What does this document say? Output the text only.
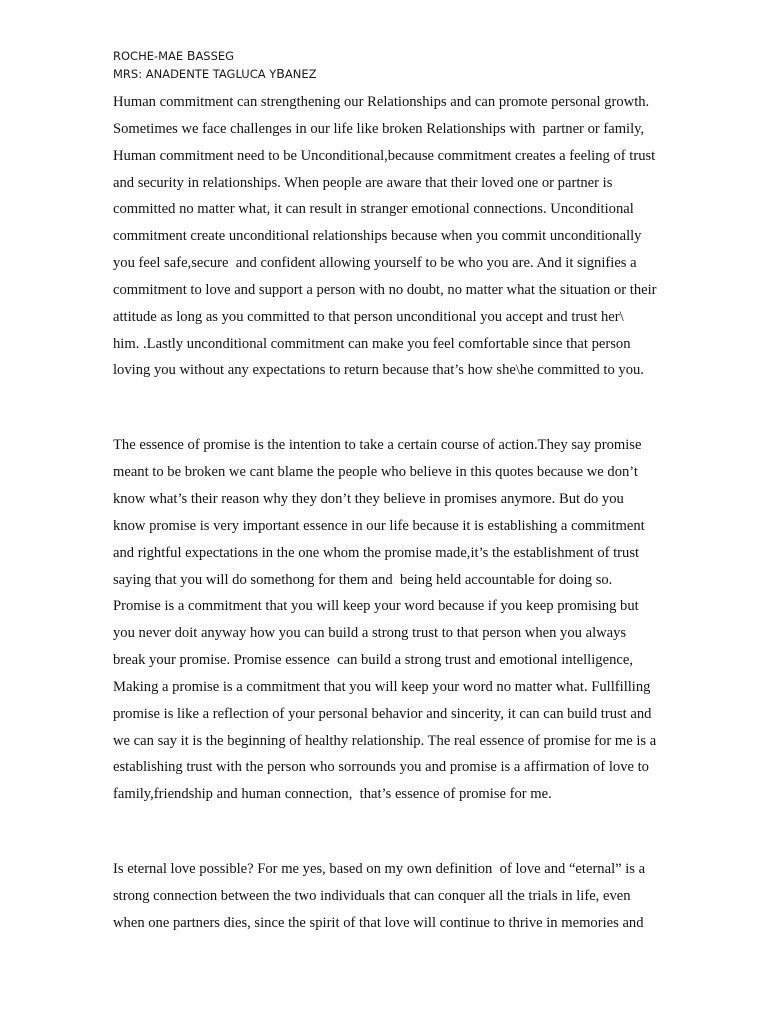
ROCHE-MAE BASSEG
MRS: ANADENTE TAGLUCA YBANEZ
Human commitment can strengthening our Relationships and can promote personal growth.
Sometimes we face challenges in our life like broken Relationships with  partner or family,
Human commitment need to be Unconditional,because commitment creates a feeling of trust
and security in relationships. When people are aware that their loved one or partner is
committed no matter what, it can result in stranger emotional connections. Unconditional
commitment create unconditional relationships because when you commit unconditionally
you feel safe,secure  and confident allowing yourself to be who you are. And it signifies a
commitment to love and support a person with no doubt, no matter what the situation or their
attitude as long as you committed to that person unconditional you accept and trust her\
him. .Lastly unconditional commitment can make you feel comfortable since that person
loving you without any expectations to return because that’s how she\he committed to you.
The essence of promise is the intention to take a certain course of action.They say promise
meant to be broken we cant blame the people who believe in this quotes because we don’t
know what’s their reason why they don’t they believe in promises anymore. But do you
know promise is very important essence in our life because it is establishing a commitment
and rightful expectations in the one whom the promise made,it’s the establishment of trust
saying that you will do somethong for them and  being held accountable for doing so.
Promise is a commitment that you will keep your word because if you keep promising but
you never doit anyway how you can build a strong trust to that person when you always
break your promise. Promise essence  can build a strong trust and emotional intelligence,
Making a promise is a commitment that you will keep your word no matter what. Fullfilling
promise is like a reflection of your personal behavior and sincerity, it can can build trust and
we can say it is the beginning of healthy relationship. The real essence of promise for me is a
establishing trust with the person who sorrounds you and promise is a affirmation of love to
family,friendship and human connection,  that’s essence of promise for me.
Is eternal love possible? For me yes, based on my own definition  of love and “eternal” is a
strong connection between the two individuals that can conquer all the trials in life, even
when one partners dies, since the spirit of that love will continue to thrive in memories and
